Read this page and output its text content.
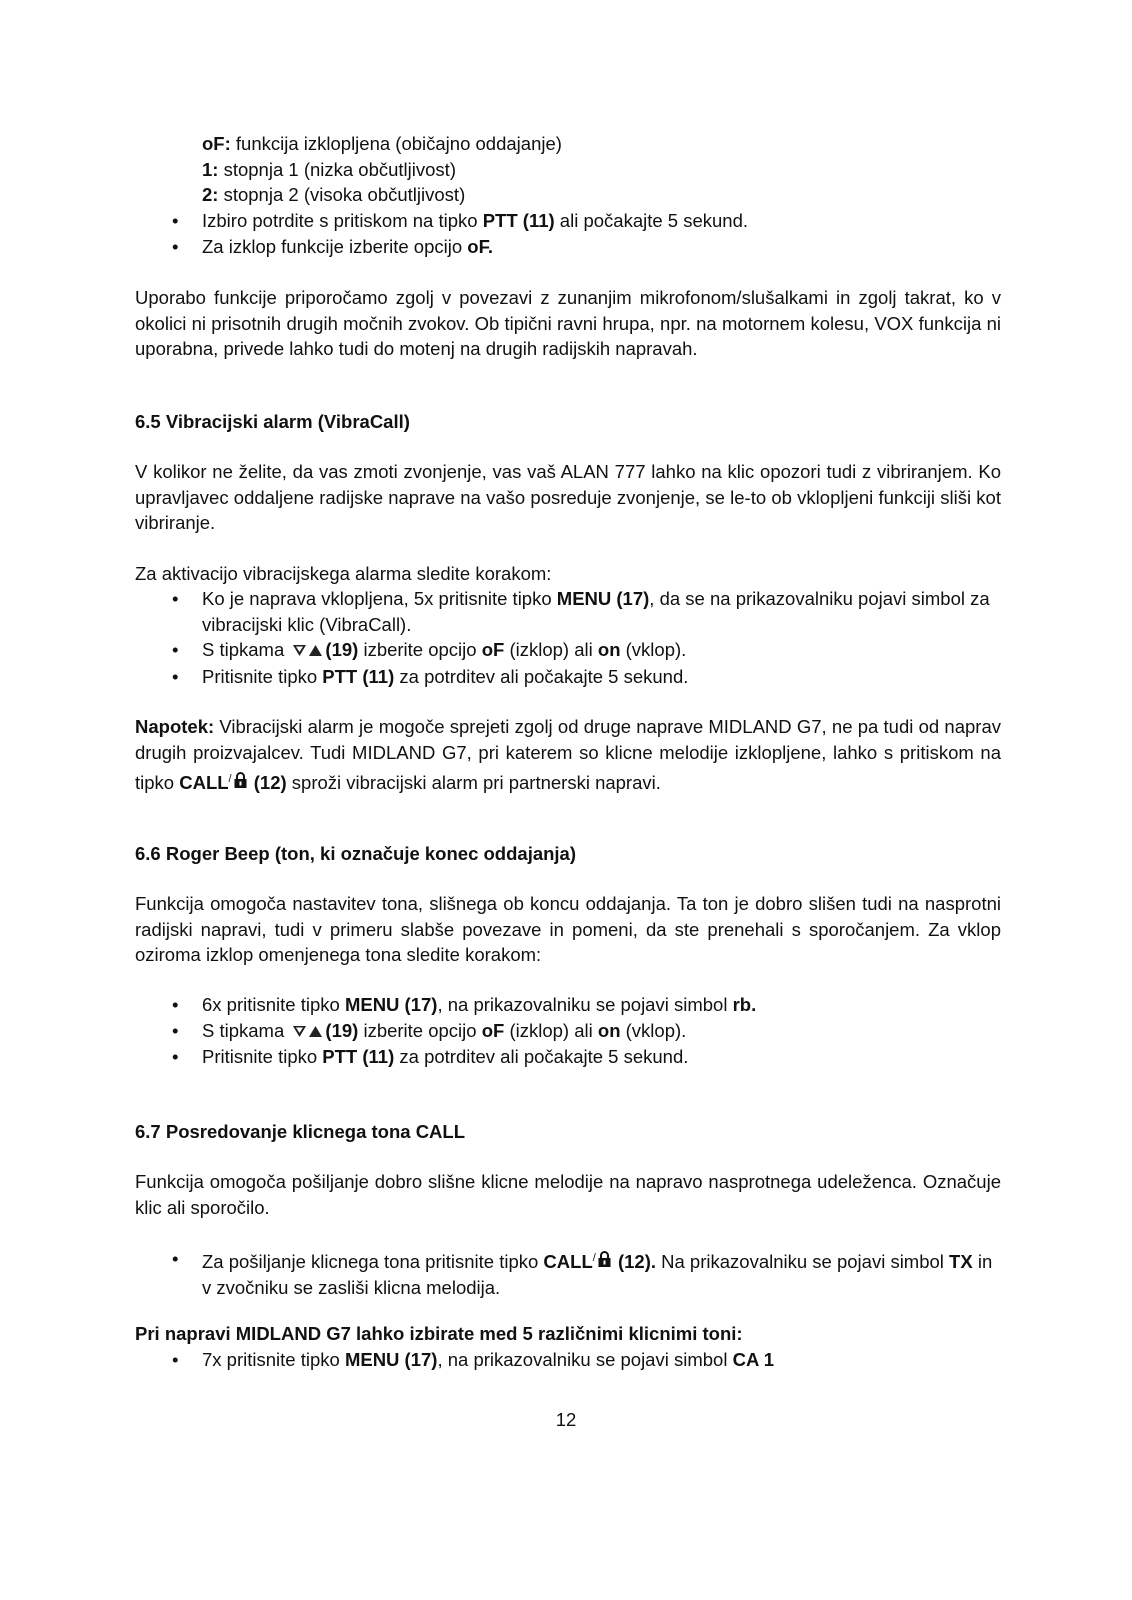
oF: funkcija izklopljena (običajno oddajanje)
1: stopnja 1 (nizka občutljivost)
2: stopnja 2 (visoka občutljivost)
• Izbiro potrdite s pritiskom na tipko PTT (11) ali počakajte 5 sekund.
• Za izklop funkcije izberite opcijo oF.
Uporabo funkcije priporočamo zgolj v povezavi z zunanjim mikrofonom/slušalkami in zgolj takrat, ko v okolici ni prisotnih drugih močnih zvokov. Ob tipični ravni hrupa, npr. na motornem kolesu, VOX funkcija ni uporabna, privede lahko tudi do motenj na drugih radijskih napravah.
6.5 Vibracijski alarm (VibraCall)
V kolikor ne želite, da vas zmoti zvonjenje, vas vaš ALAN 777 lahko na klic opozori tudi z vibriranjem. Ko upravljavec oddaljene radijske naprave na vašo posreduje zvonjenje, se le-to ob vklopljeni funkciji sliši kot vibriranje.
Za aktivacijo vibracijskega alarma sledite korakom:
• Ko je naprava vklopljena, 5x pritisnite tipko MENU (17), da se na prikazovalniku pojavi simbol za vibracijski klic (VibraCall).
• S tipkama (19) izberite opcijo oF (izklop) ali on (vklop).
• Pritisnite tipko PTT (11) za potrditev ali počakajte 5 sekund.
Napotek: Vibracijski alarm je mogoče sprejeti zgolj od druge naprave MIDLAND G7, ne pa tudi od naprav drugih proizvajalcev. Tudi MIDLAND G7, pri katerem so klicne melodije izklopljene, lahko s pritiskom na tipko CALL/ (12) sproži vibracijski alarm pri partnerski napravi.
6.6 Roger Beep (ton, ki označuje konec oddajanja)
Funkcija omogoča nastavitev tona, slišnega ob koncu oddajanja. Ta ton je dobro slišen tudi na nasprotni radijski napravi, tudi v primeru slabše povezave in pomeni, da ste prenehali s sporočanjem. Za vklop oziroma izklop omenjenega tona sledite korakom:
• 6x pritisnite tipko MENU (17), na prikazovalniku se pojavi simbol rb.
• S tipkama (19) izberite opcijo oF (izklop) ali on (vklop).
• Pritisnite tipko PTT (11) za potrditev ali počakajte 5 sekund.
6.7 Posredovanje klicnega tona CALL
Funkcija omogoča pošiljanje dobro slišne klicne melodije na napravo nasprotnega udeleženca. Označuje klic ali sporočilo.
• Za pošiljanje klicnega tona pritisnite tipko CALL/ (12). Na prikazovalniku se pojavi simbol TX in v zvočniku se zasliši klicna melodija.
Pri napravi MIDLAND G7 lahko izbirate med 5 različnimi klicnimi toni:
• 7x pritisnite tipko MENU (17), na prikazovalniku se pojavi simbol CA 1
12
